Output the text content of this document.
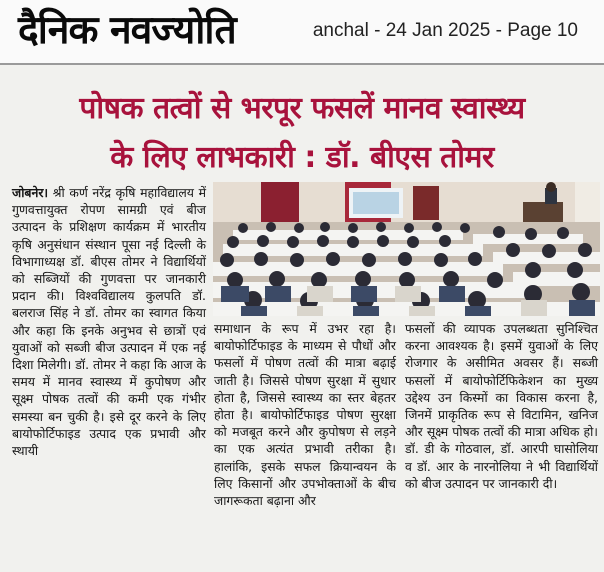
दैनिक नवज्योति	anchal - 24 Jan 2025 - Page 10
पोषक तत्वों से भरपूर फसलें मानव स्वास्थ्य
के लिए लाभकारी : डॉ. बीएस तोमर

जोबनेर। श्री कर्ण नरेंद्र कृषि महाविद्यालय में गुणवत्तायुक्त रोपण सामग्री एवं बीज उत्पादन के प्रशिक्षण कार्यक्रम में भारतीय कृषि अनुसंधान संस्थान पूसा नई दिल्ली के विभागाध्यक्ष डॉ. बीएस तोमर ने विद्यार्थियों को सब्जियों की गुणवत्ता पर जानकारी प्रदान की। विश्वविद्यालय कुलपति डॉ. बलराज सिंह ने डॉ. तोमर का स्वागत किया और कहा कि इनके अनुभव से छात्रों एवं युवाओं को सब्जी बीज उत्पादन में एक नई दिशा मिलेगी। डॉ. तोमर ने कहा कि आज के समय में मानव स्वास्थ्य में कुपोषण और सूक्ष्म पोषक तत्वों की कमी एक गंभीर समस्या बन चुकी है। इसे दूर करने के लिए बायोफोर्टिफाइड उत्पाद एक प्रभावी और स्थायी

समाधान के रूप में उभर रहा है। बायोफोर्टिफाइड के माध्यम से पौधों और फसलों में पोषण तत्वों की मात्रा बढ़ाई जाती है। जिससे पोषण सुरक्षा में सुधार होता है, जिससे स्वास्थ्य का स्तर बेहतर होता है। बायोफोर्टिफाइड पोषण सुरक्षा को मजबूत करने और कुपोषण से लड़ने का एक अत्यंत प्रभावी तरीका है। हालांकि, इसके सफल क्रियान्वयन के लिए किसानों और उपभोक्ताओं के बीच जागरूकता बढ़ाना और

फसलों की व्यापक उपलब्धता सुनिश्चित करना आवश्यक है। इसमें युवाओं के लिए रोजगार के असीमित अवसर हैं। सब्जी फसलों में बायोफोर्टिफिकेशन का मुख्य उद्देश्य उन किस्मों का विकास करना है, जिनमें प्राकृतिक रूप से विटामिन, खनिज और सूक्ष्म पोषक तत्वों की मात्रा अधिक हो। डॉ. डी के गोठवाल, डॉ. आरपी घासोलिया व डॉ. आर के नारनोलिया ने भी विद्यार्थियों को बीज उत्पादन पर जानकारी दी।
